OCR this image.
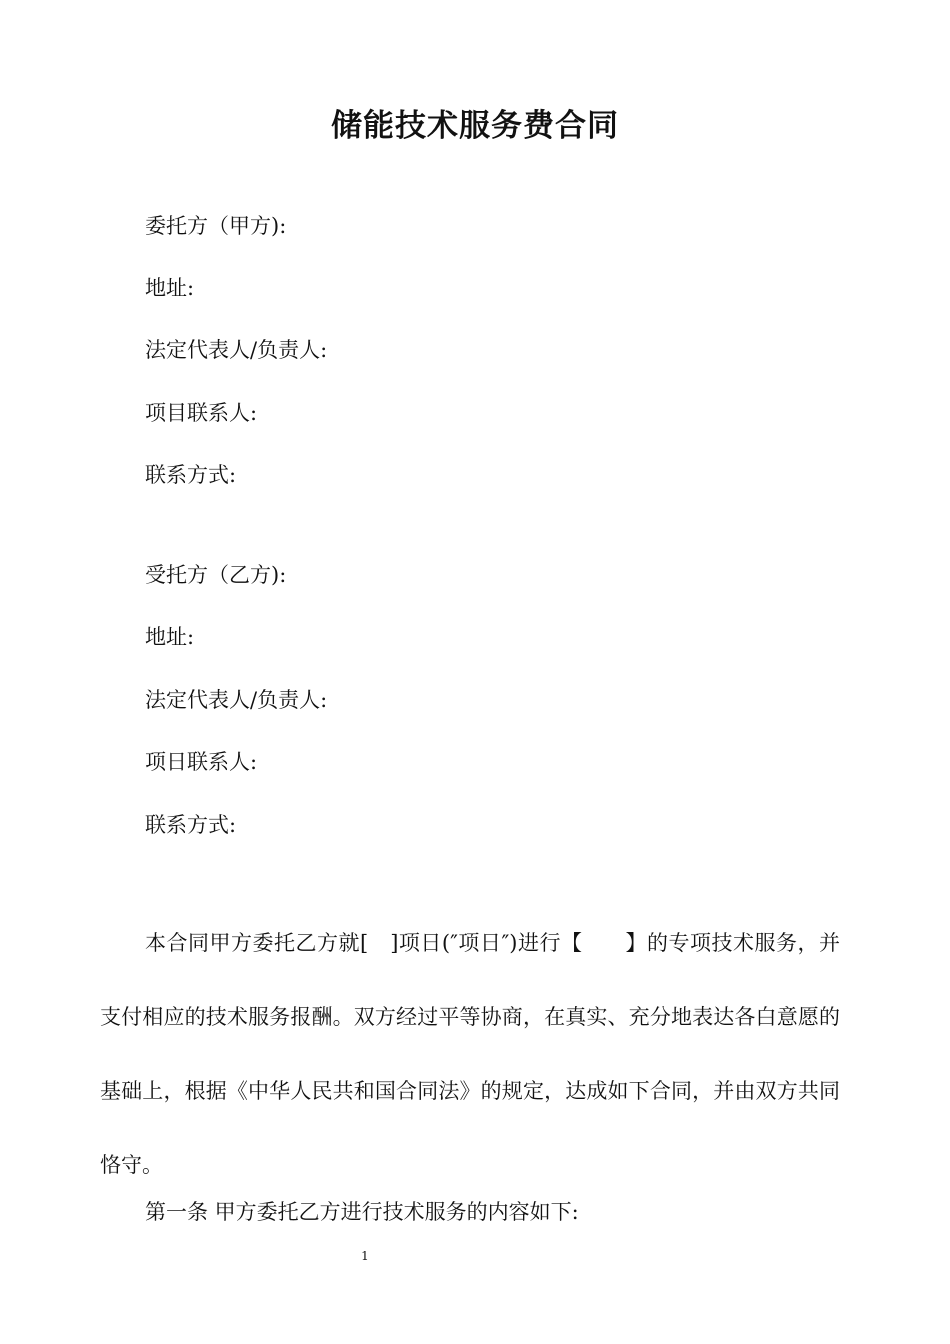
储能技术服务费合同

委托方（甲方):

地址:

法定代表人/负责人:

项目联系人:

联系方式:

受托方（乙方):

地址:

法定代表人/负责人:

项日联系人:

联系方式:

本合同甲方委托乙方就[　]项日(″项日″)进行【　　】的专项技术服务，并支付相应的技术服务报酬。双方经过平等协商，在真实、充分地表达各白意愿的基础上，根据《中华人民共和国合同法》的规定，达成如下合同，并由双方共同恪守。

第一条 甲方委托乙方进行技术服务的内容如下:

1
